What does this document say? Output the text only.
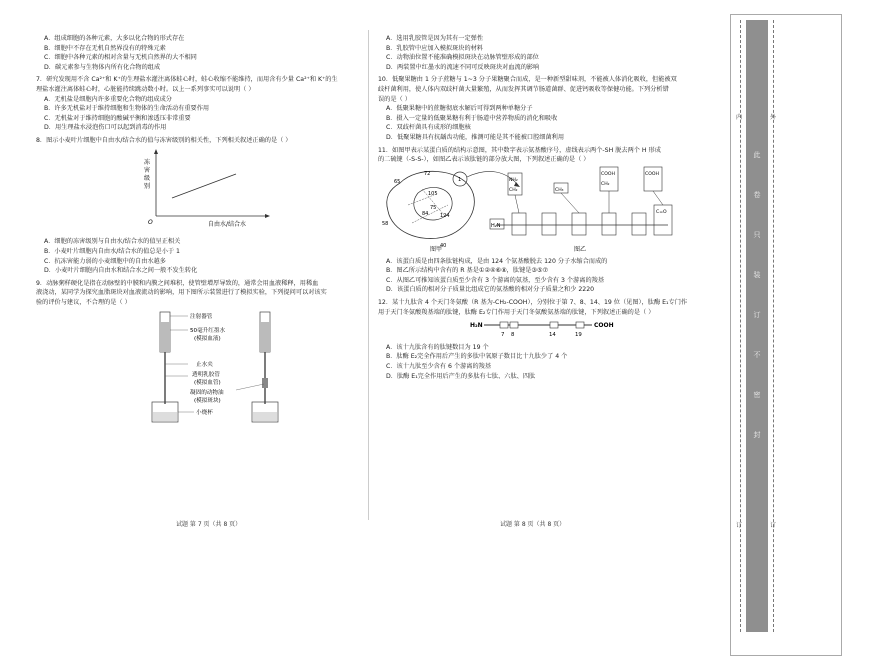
A．组成细胞的各种元素，大多以化合物的形式存在
B．细胞中不存在无机自然界没有的特殊元素
C．细胞中各种元素的相对含量与无机自然界的大不相同
D．碳元素参与生物体内所有化合物的组成
7．研究发现用不含 Ca²⁺和 K⁺的生理盐水灌注离体蛙心时，蛙心收缩不能维持，而用含有少量 Ca²⁺和 K⁺的生
理盐水灌注离体蛙心时，心脏能持续跳动数小时。以上一系列事实可以说明（ ）
A．无机盐是细胞内许多重要化合物的组成成分
B．许多无机盐对于维持细胞和生物体的生命活动有重要作用
C．无机盐对于维持细胞的酸碱平衡和渗透压非常重要
D．用生理盐水浸泡伤口可以起到消毒的作用
8．图示小麦叶片细胞中自由水/结合水的值与冻害级别的相关性，下列相关叙述正确的是（ ）
冻
害
级
别
O	自由水/结合水
A．细胞的冻害级别与自由水/结合水的值呈正相关
B．小麦叶片细胞内自由水/结合水的值总是小于 1
C．抗冻害能力弱的小麦细胞中的自由水越多
D．小麦叶片细胞内自由水和结合水之间一般不发生转化
9．动脉粥样硬化是指在动脉壁的中膜和内膜之间堆积，使管壁增厚导致的，通常会用血液稀释，用稀血
液浇动，某同学为探究血脂斑块对血液流动的影响，用下图所示装置进行了模拟实验，下列提问可以对该实
验的评价与建议，不合理的是（ ）
注射器管
50毫升红墨水
(模拟血液)
止水夹
透明乳胶管
(模拟血管)
凝固的动物油
(模拟斑块)
小烧杯
试题 第 7 页（共 8 页）
A．选用乳胶管是因为其有一定弹性
B．乳胶管中应加入模拟斑块的材料
C．动物油位置不能准确模拟斑块在动脉管壁形成的部位
D．两装置中红墨水的流速不同可反映斑块对血流的影响
10．低聚果糖由 1 分子蔗糖与 1~3 分子果糖聚合而成，是一种新型甜味剂，不能被人体消化吸收，但能被双
歧杆菌利用，使人体内双歧杆菌大量繁殖，从而发挥其调节肠道菌群、促进钙吸收等保健功能。下列分析错
误的是（ ）
A．低聚果糖中的蔗糖彻底水解后可得到两种单糖分子
B．摄入一定量的低聚果糖有利于肠道中营养物质的消化和吸收
C．双歧杆菌具有成形的细胞核
D．低聚果糖具有抗龋齿功能，推测可能是其不能被口腔细菌利用
11．如图甲表示某蛋白质的结构示意图，其中数字表示氨基酸序号，虚线表示两个-SH 脱去两个 H 形成
的二硫键（-S-S-），如图乙表示该肽链的部分放大图，下列叙述正确的是（ ）
65
72
1
105
124
75
84
58
40
H₂N
NH₂
CH₂	CH₃
COOH
CH₂
COOH
C=O
图甲	图乙
A．该蛋白质是由四条肽链构成，是由 124 个氨基酸脱去 120 分子水缩合而成的
B．图乙所示结构中含有的 R 基是①②④⑥⑧，肽键是③⑤⑦
C．从图乙可推知该蛋白质至少含有 3 个游离的氨基，至少含有 3 个游离的羧基
D．该蛋白质的相对分子质量比组成它的氨基酸的相对分子质量之和少 2220
12．某十九肽含 4 个天门冬氨酸（R 基为-CH₂-COOH），分别位于第 7、8、14、19 位（见图），肽酶 E₁专门作
用于天门冬氨酸羧基端的肽键，肽酶 E₂专门作用于天门冬氨酸氨基端的肽键，下列叙述正确的是（ ）
H₂N	COOH
7 8	14	19
A．该十九肽含有的肽键数目为 19 个
B．肽酶 E₂完全作用后产生的多肽中氧原子数目比十九肽少了 4 个
C．该十九肽至少含有 6 个游离的羧基
D．肽酶 E₁完全作用后产生的多肽有七肽、六肽、四肽
试题 第 8 页（共 8 页）
此
卷
只
装
订
不
密
封
内
订
外
订
